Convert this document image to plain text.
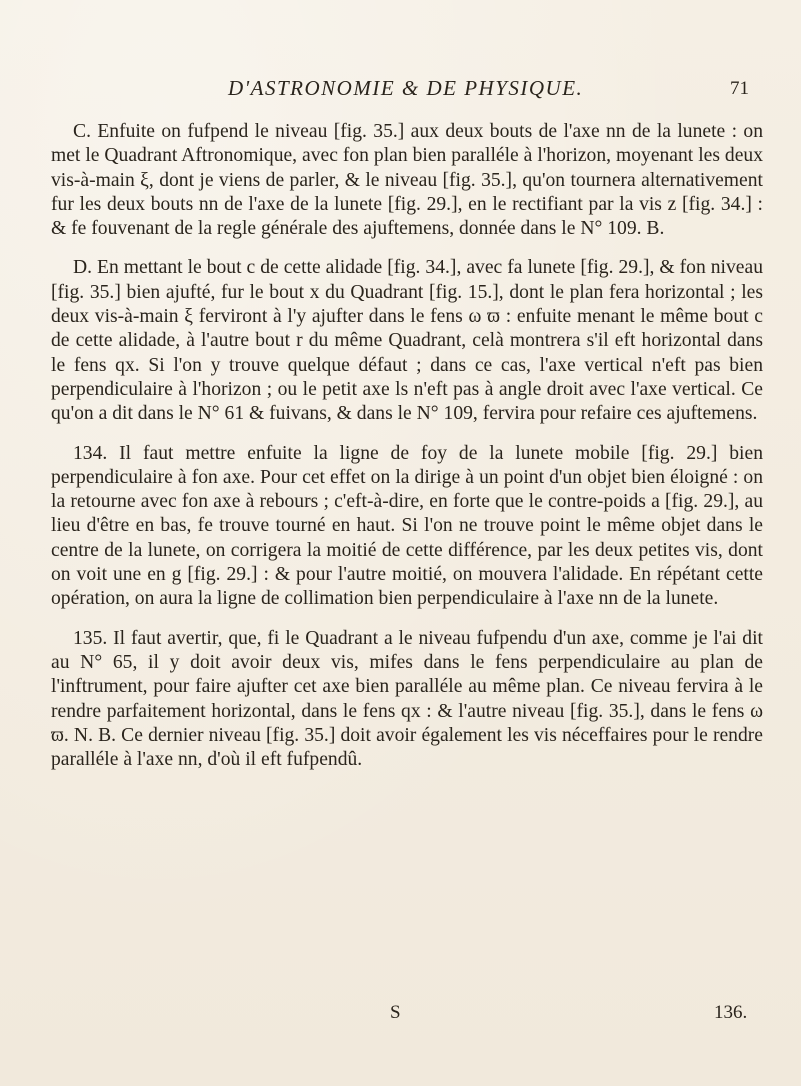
D'ASTRONOMIE & DE PHYSIQUE.	71

C. Enfuite on fufpend le niveau [fig. 35.] aux deux bouts de l'axe nn de la lunete : on met le Quadrant Aftronomique, avec fon plan bien paralléle à l'horizon, moyenant les deux vis-à-main ξ, dont je viens de parler, & le niveau [fig. 35.], qu'on tournera alternativement fur les deux bouts nn de l'axe de la lunete [fig. 29.], en le rectifiant par la vis z [fig. 34.] : & fe fouvenant de la regle générale des ajuftemens, donnée dans le N° 109. B.

D. En mettant le bout c de cette alidade [fig. 34.], avec fa lunete [fig. 29.], & fon niveau [fig. 35.] bien ajufté, fur le bout x du Quadrant [fig. 15.], dont le plan fera horizontal ; les deux vis-à-main ξ ferviront à l'y ajufter dans le fens ω ϖ : enfuite menant le même bout c de cette alidade, à l'autre bout r du même Quadrant, celà montrera s'il eft horizontal dans le fens qx. Si l'on y trouve quelque défaut ; dans ce cas, l'axe vertical n'eft pas bien perpendiculaire à l'horizon ; ou le petit axe ls n'eft pas à angle droit avec l'axe vertical. Ce qu'on a dit dans le N° 61 & fuivans, & dans le N° 109, fervira pour refaire ces ajuftemens.

134. Il faut mettre enfuite la ligne de foy de la lunete mobile [fig. 29.] bien perpendiculaire à fon axe. Pour cet effet on la dirige à un point d'un objet bien éloigné : on la retourne avec fon axe à rebours ; c'eft-à-dire, en forte que le contre-poids a [fig. 29.], au lieu d'être en bas, fe trouve tourné en haut. Si l'on ne trouve point le même objet dans le centre de la lunete, on corrigera la moitié de cette différence, par les deux petites vis, dont on voit une en g [fig. 29.] : & pour l'autre moitié, on mouvera l'alidade. En répétant cette opération, on aura la ligne de collimation bien perpendiculaire à l'axe nn de la lunete.

135. Il faut avertir, que, fi le Quadrant a le niveau fufpendu d'un axe, comme je l'ai dit au N° 65, il y doit avoir deux vis, mifes dans le fens perpendiculaire au plan de l'inftrument, pour faire ajufter cet axe bien paralléle au même plan. Ce niveau fervira à le rendre parfaitement horizontal, dans le fens qx : & l'autre niveau [fig. 35.], dans le fens ω ϖ. N. B. Ce dernier niveau [fig. 35.] doit avoir également les vis néceffaires pour le rendre paralléle à l'axe nn, d'où il eft fufpendû.

S	136.
